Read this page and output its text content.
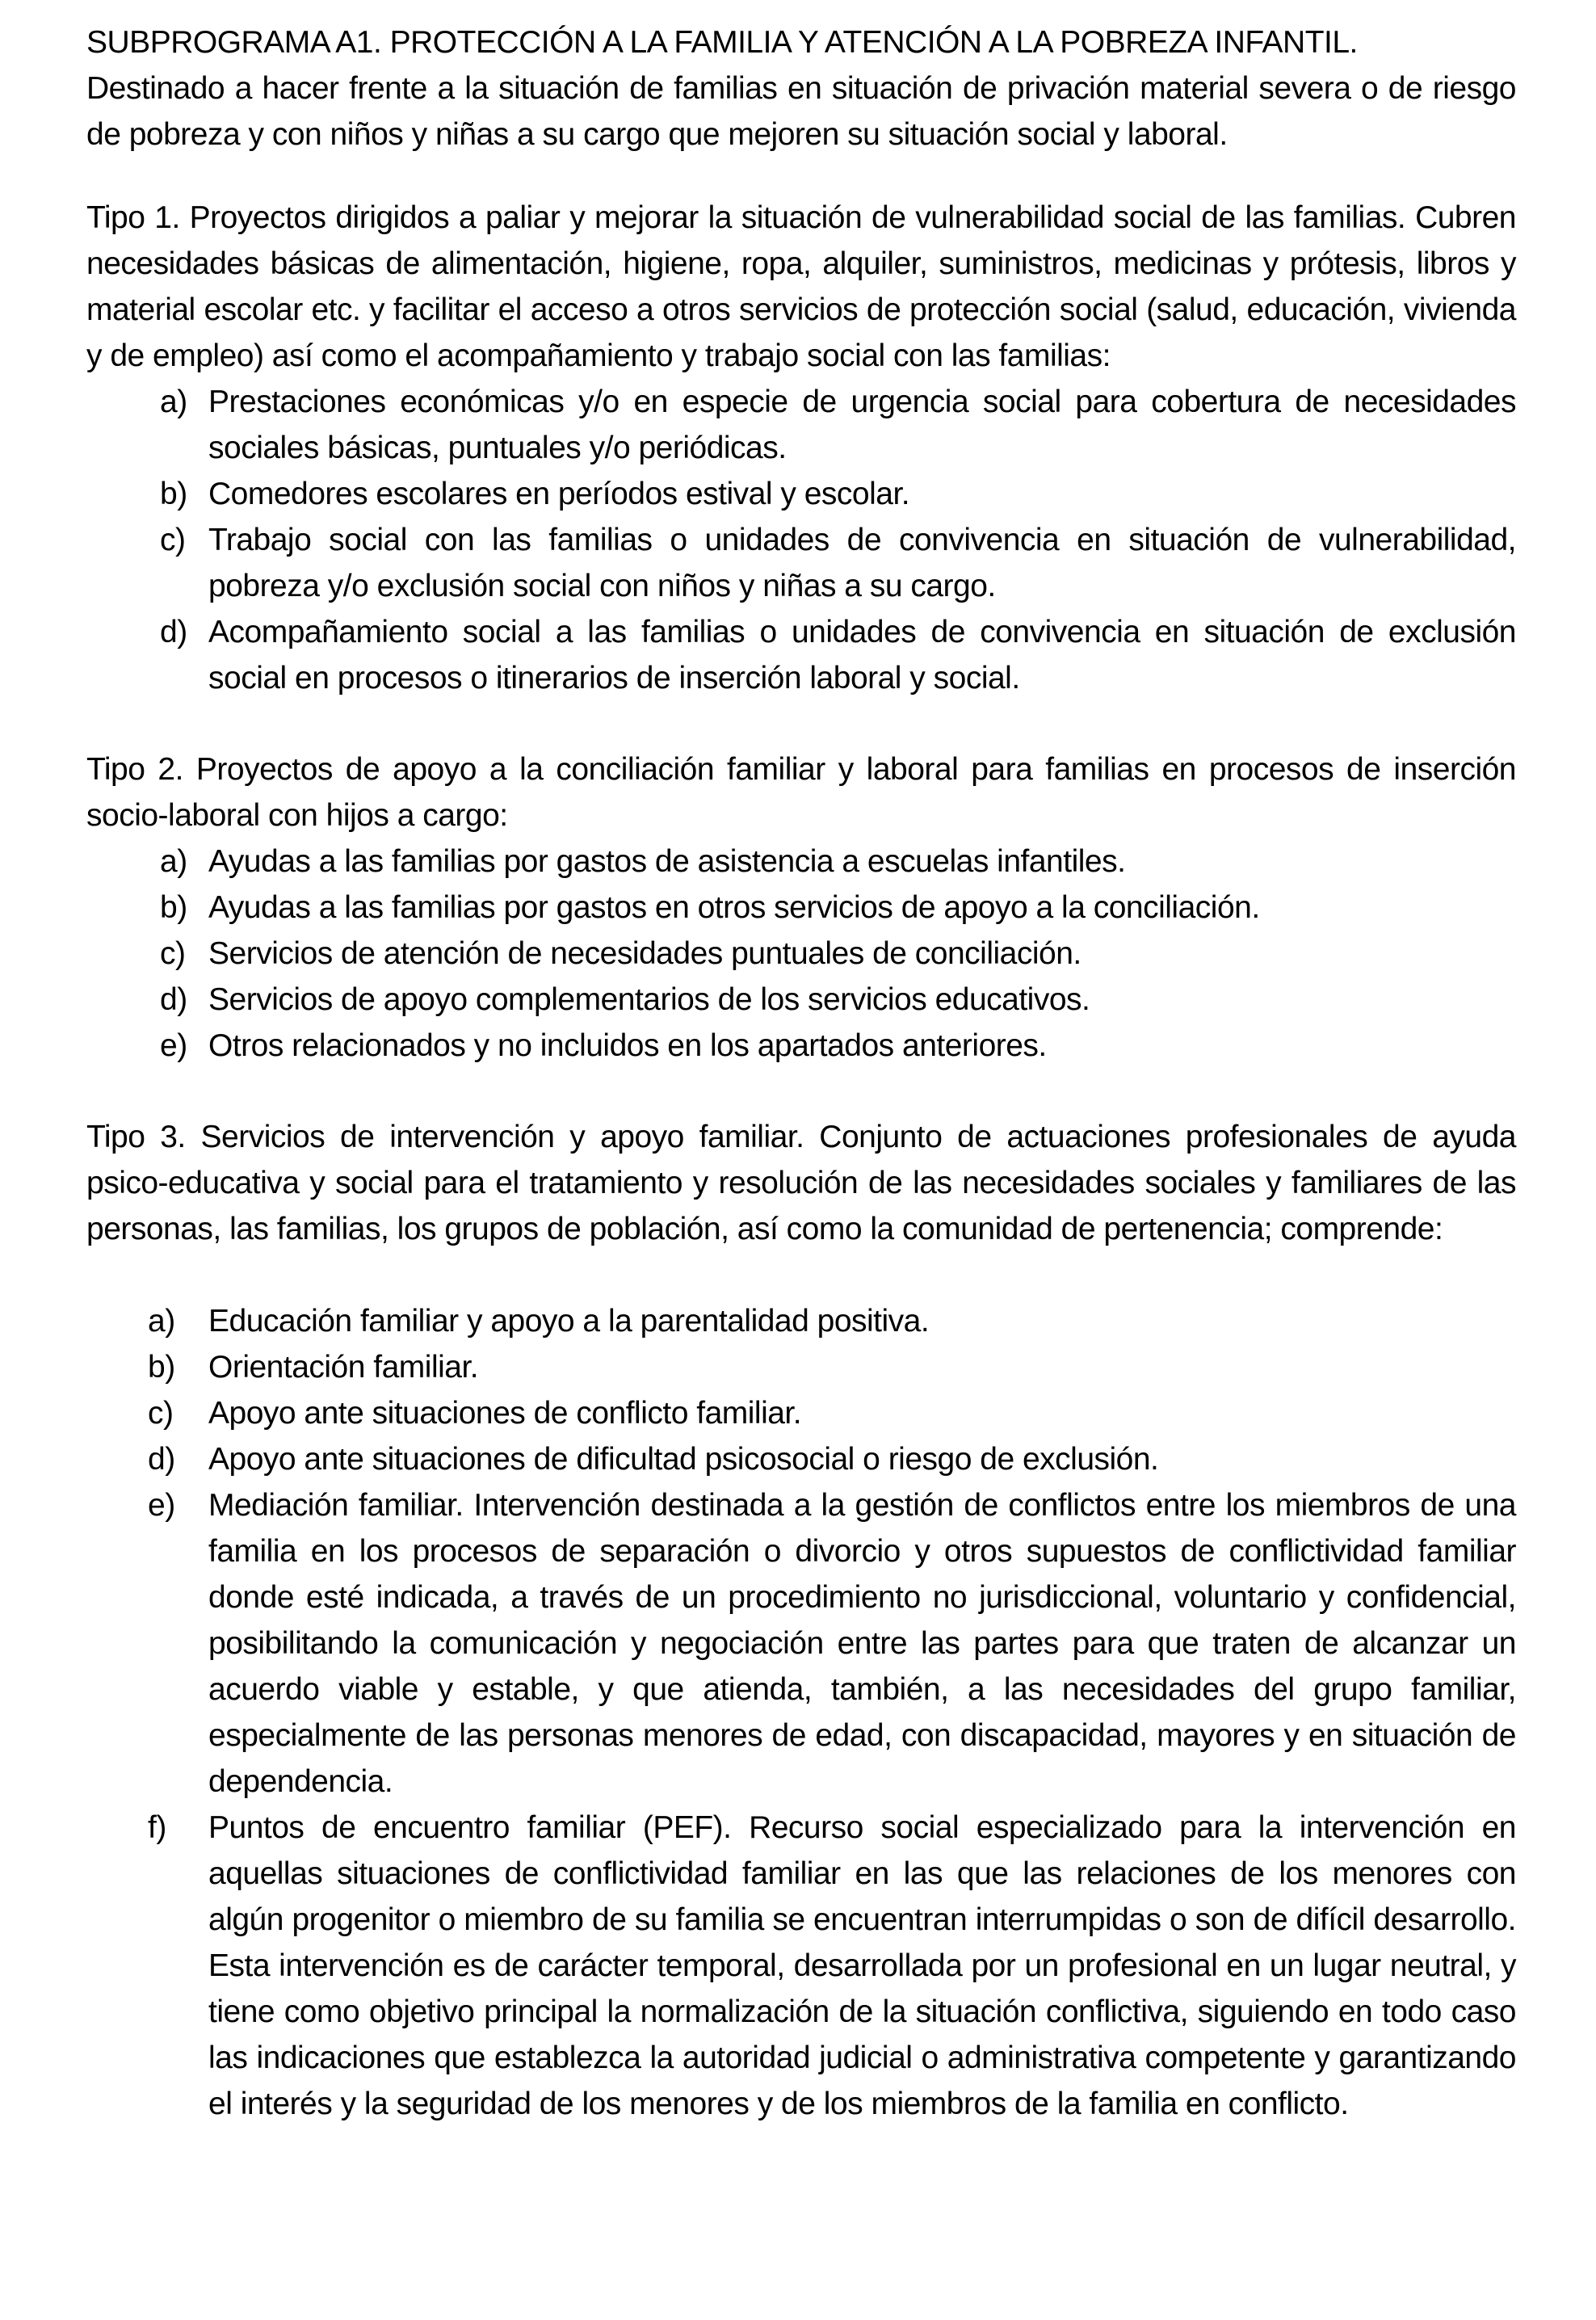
SUBPROGRAMA A1. PROTECCIÓN A LA FAMILIA Y ATENCIÓN A LA POBREZA INFANTIL.

Destinado a hacer frente a la situación de familias en situación de privación material severa o de riesgo de pobreza y con niños y niñas a su cargo que mejoren su situación social y laboral.

Tipo 1. Proyectos dirigidos a paliar y mejorar la situación de vulnerabilidad social de las familias. Cubren necesidades básicas de alimentación, higiene, ropa, alquiler, suministros, medicinas y prótesis, libros y material escolar etc. y facilitar el acceso a otros servicios de protección social (salud, educación, vivienda y de empleo) así como el acompañamiento y trabajo social con las familias:

a) Prestaciones económicas y/o en especie de urgencia social para cobertura de necesidades sociales básicas, puntuales y/o periódicas.
b) Comedores escolares en períodos estival y escolar.
c) Trabajo social con las familias o unidades de convivencia en situación de vulnerabilidad, pobreza y/o exclusión social con niños y niñas a su cargo.
d) Acompañamiento social a las familias o unidades de convivencia en situación de exclusión social en procesos o itinerarios de inserción laboral y social.

Tipo 2. Proyectos de apoyo a la conciliación familiar y laboral para familias en procesos de inserción socio-laboral con hijos a cargo:

a) Ayudas a las familias por gastos de asistencia a escuelas infantiles.
b) Ayudas a las familias por gastos en otros servicios de apoyo a la conciliación.
c) Servicios de atención de necesidades puntuales de conciliación.
d) Servicios de apoyo complementarios de los servicios educativos.
e) Otros relacionados y no incluidos en los apartados anteriores.

Tipo 3. Servicios de intervención y apoyo familiar. Conjunto de actuaciones profesionales de ayuda psico-educativa y social para el tratamiento y resolución de las necesidades sociales y familiares de las personas, las familias, los grupos de población, así como la comunidad de pertenencia; comprende:

a) Educación familiar y apoyo a la parentalidad positiva.
b) Orientación familiar.
c) Apoyo ante situaciones de conflicto familiar.
d) Apoyo ante situaciones de dificultad psicosocial o riesgo de exclusión.
e) Mediación familiar. Intervención destinada a la gestión de conflictos entre los miembros de una familia en los procesos de separación o divorcio y otros supuestos de conflictividad familiar donde esté indicada, a través de un procedimiento no jurisdiccional, voluntario y confidencial, posibilitando la comunicación y negociación entre las partes para que traten de alcanzar un acuerdo viable y estable, y que atienda, también, a las necesidades del grupo familiar, especialmente de las personas menores de edad, con discapacidad, mayores y en situación de dependencia.
f) Puntos de encuentro familiar (PEF). Recurso social especializado para la intervención en aquellas situaciones de conflictividad familiar en las que las relaciones de los menores con algún progenitor o miembro de su familia se encuentran interrumpidas o son de difícil desarrollo. Esta intervención es de carácter temporal, desarrollada por un profesional en un lugar neutral, y tiene como objetivo principal la normalización de la situación conflictiva, siguiendo en todo caso las indicaciones que establezca la autoridad judicial o administrativa competente y garantizando el interés y la seguridad de los menores y de los miembros de la familia en conflicto.
